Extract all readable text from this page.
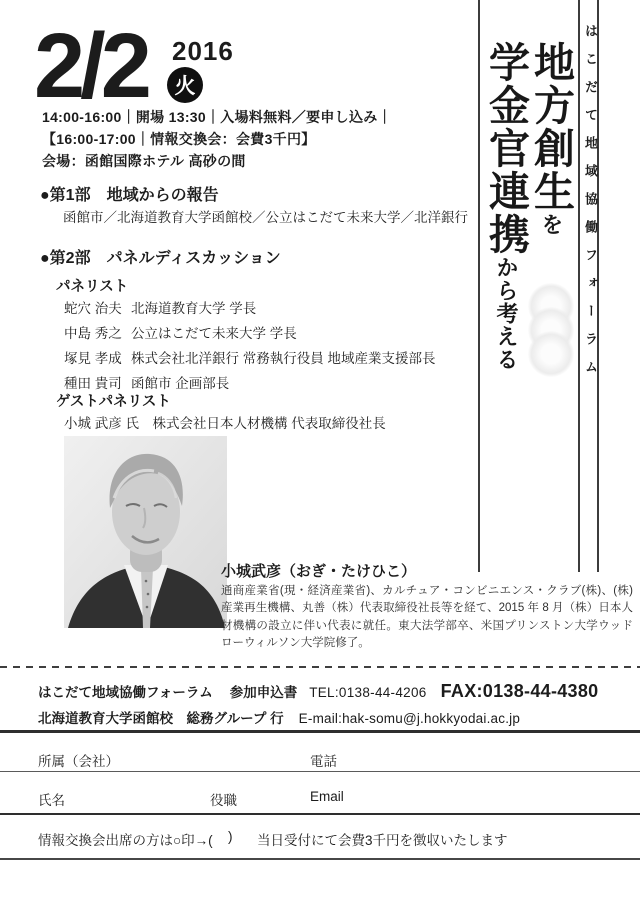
2/2 2016
火
14:00-16:00｜開場 13:30｜入場料無料／要申し込み｜
【16:00-17:00｜情報交換会：会費3千円】
会場：函館国際ホテル 高砂の間
●第1部　地域からの報告
函館市／北海道教育大学函館校／公立はこだて未来大学／北洋銀行
●第2部　パネルディスカッション
パネリスト
蛇穴 治夫 北海道教育大学 学長
中島 秀之 公立はこだて未来大学 学長
塚見 孝成 株式会社北洋銀行 常務執行役員 地域産業支援部長
種田 貴司 函館市 企画部長
ゲストパネリスト
小城 武彦 氏　株式会社日本人材機構 代表取締役社長
小城武彦（おぎ・たけひこ）
通商産業省(現・経済産業省)、カルチュア・コンビニエンス・クラブ(株)、(株)産業再生機構、丸善（株）代表取締役社長等を経て、2015 年 8 月（株）日本人材機構の設立に伴い代表に就任。東大法学部卒、米国プリンストン大学ウッドローウィルソン大学院修了。
はこだて地域協働フォーラム
地方創生を
学金官連携から考える
はこだて地域協働フォーラム 参加申込書 TEL:0138-44-4206 FAX:0138-44-4380
北海道教育大学函館校　総務グループ 行 E-mail:hak-somu@j.hokkyodai.ac.jp
所属（会社）	電話
氏名	役職	Email
情報交換会出席の方は○印→( ) 当日受付にて会費3千円を徴収いたします
